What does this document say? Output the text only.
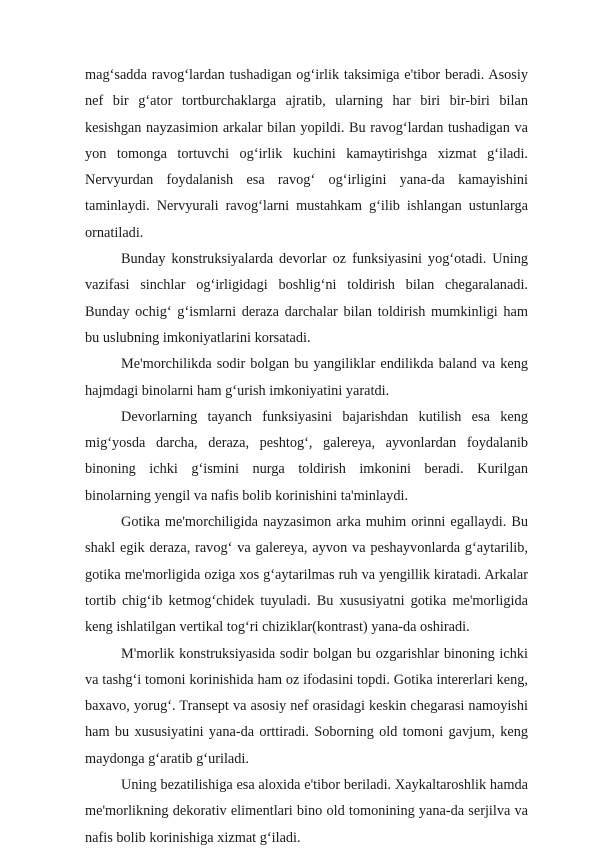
mag‘sadda ravog‘lardan tushadigan og‘irlik taksimiga e'tibor beradi. Asosiy nef bir g‘ator tortburchaklarga ajratib, ularning har biri bir-biri bilan kesishgan nayzasimion arkalar bilan yopildi. Bu ravog‘lardan tushadigan va yon tomonga tortuvchi og‘irlik kuchini kamaytirishga xizmat g‘iladi. Nervyurdan foydalanish esa ravog‘ og‘irligini yana-da kamayishini taminlaydi. Nervyurali ravog‘larni mustahkam g‘ilib ishlangan ustunlarga ornatiladi.

Bunday konstruksiyalarda devorlar oz funksiyasini yog‘otadi. Uning vazifasi sinchlar og‘irligidagi boshlig‘ni toldirish bilan chegaralanadi. Bunday ochig‘ g‘ismlarni deraza darchalar bilan toldirish mumkinligi ham bu uslubning imkoniyatlarini korsatadi.

Me'morchilikda sodir bolgan bu yangiliklar endilikda baland va keng hajmdagi binolarni ham g‘urish imkoniyatini yaratdi.

Devorlarning tayanch funksiyasini bajarishdan kutilish esa keng mig‘yosda darcha, deraza, peshtog‘, galereya, ayvonlardan foydalanib binoning ichki g‘ismini nurga toldirish imkonini beradi. Kurilgan binolarning yengil va nafis bolib korinishini ta'minlaydi.

Gotika me'morchiligida nayzasimon arka muhim orinni egallaydi. Bu shakl egik deraza, ravog‘ va galereya, ayvon va peshayvonlarda g‘aytarilib, gotika me'morligida oziga xos g‘aytarilmas ruh va yengillik kiratadi. Arkalar tortib chig‘ib ketmog‘chidek tuyuladi. Bu xususiyatni gotika me'morligida keng ishlatilgan vertikal tog‘ri chiziklar(kontrast) yana-da oshiradi.

M'morlik konstruksiyasida sodir bolgan bu ozgarishlar binoning ichki va tashg‘i tomoni korinishida ham oz ifodasini topdi. Gotika intererlari keng, baxavo, yorug‘. Transept va asosiy nef orasidagi keskin chegarasi namoyishi ham bu xususiyatini yana-da orttiradi. Soborning old tomoni gavjum, keng maydonga g‘aratib g‘uriladi.

Uning bezatilishiga esa aloxida e'tibor beriladi. Xaykaltaroshlik hamda me'morlikning dekorativ elimentlari bino old tomonining yana-da serjilva va nafis bolib korinishiga xizmat g‘iladi.
